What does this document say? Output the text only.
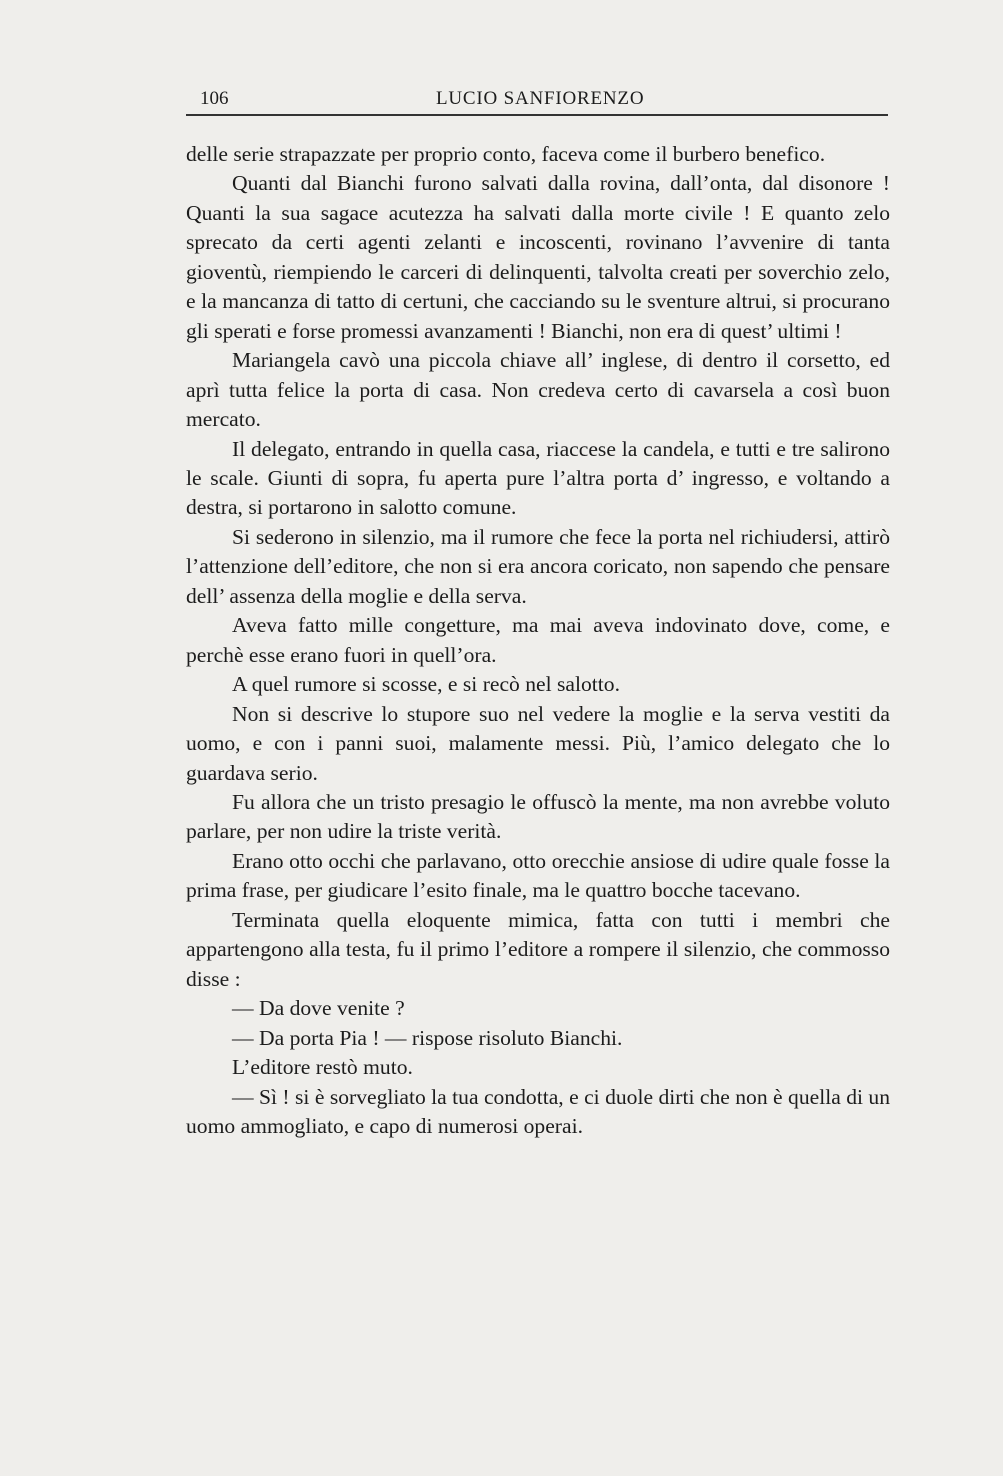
106	LUCIO SANFIORENZO

delle serie strapazzate per proprio conto, faceva come il burbero benefico.

Quanti dal Bianchi furono salvati dalla rovina, dall’onta, dal disonore ! Quanti la sua sagace acutezza ha salvati dalla morte civile ! E quanto zelo sprecato da certi agenti zelanti e incoscenti, rovinano l’avvenire di tanta gioventù, riempiendo le carceri di delinquenti, talvolta creati per soverchio zelo, e la mancanza di tatto di certuni, che cacciando su le sventure altrui, si procurano gli sperati e forse promessi avanzamenti ! Bianchi, non era di quest’ ultimi !

Mariangela cavò una piccola chiave all’ inglese, di dentro il corsetto, ed aprì tutta felice la porta di casa. Non credeva certo di cavarsela a così buon mercato.

Il delegato, entrando in quella casa, riaccese la candela, e tutti e tre salirono le scale. Giunti di sopra, fu aperta pure l’altra porta d’ ingresso, e voltando a destra, si portarono in salotto comune.

Si sederono in silenzio, ma il rumore che fece la porta nel richiudersi, attirò l’attenzione dell’editore, che non si era ancora coricato, non sapendo che pensare dell’ assenza della moglie e della serva.

Aveva fatto mille congetture, ma mai aveva indovinato dove, come, e perchè esse erano fuori in quell’ora.

A quel rumore si scosse, e si recò nel salotto.

Non si descrive lo stupore suo nel vedere la moglie e la serva vestiti da uomo, e con i panni suoi, malamente messi. Più, l’amico delegato che lo guardava serio.

Fu allora che un tristo presagio le offuscò la mente, ma non avrebbe voluto parlare, per non udire la triste verità.

Erano otto occhi che parlavano, otto orecchie ansiose di udire quale fosse la prima frase, per giudicare l’esito finale, ma le quattro bocche tacevano.

Terminata quella eloquente mimica, fatta con tutti i membri che appartengono alla testa, fu il primo l’editore a rompere il silenzio, che commosso disse :

— Da dove venite ?

— Da porta Pia ! — rispose risoluto Bianchi.

L’editore restò muto.

— Sì ! si è sorvegliato la tua condotta, e ci duole dirti che non è quella di un uomo ammogliato, e capo di numerosi operai.
